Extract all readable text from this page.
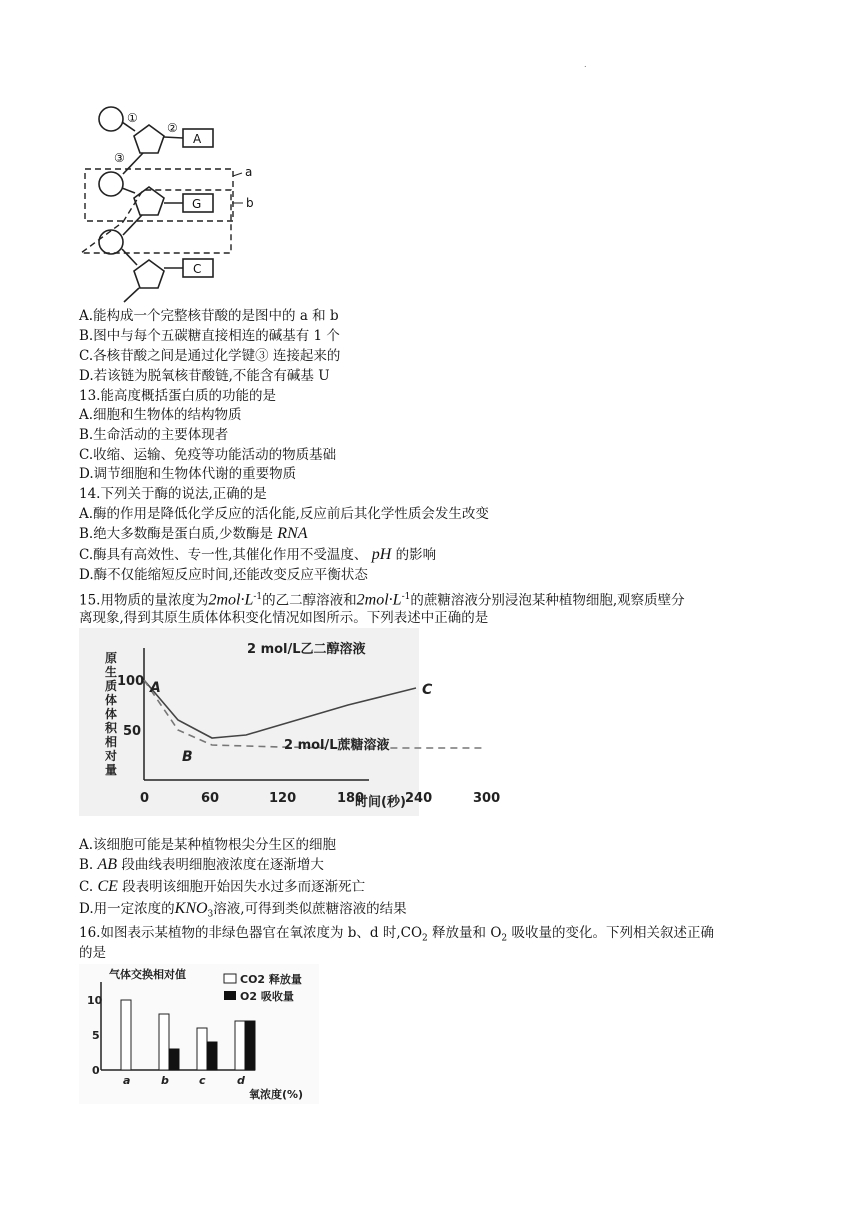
.
①
②
③
A
G
C
a
b
A.能构成一个完整核苷酸的是图中的 a 和 b
B.图中与每个五碳糖直接相连的碱基有 1 个
C.各核苷酸之间是通过化学键③ 连接起来的
D.若该链为脱氧核苷酸链,不能含有碱基 U
13.能高度概括蛋白质的功能的是
A.细胞和生物体的结构物质
B.生命活动的主要体现者
C.收缩、运输、免疫等功能活动的物质基础
D.调节细胞和生物体代谢的重要物质
14.下列关于酶的说法,正确的是
A.酶的作用是降低化学反应的活化能,反应前后其化学性质会发生改变
B.绝大多数酶是蛋白质,少数酶是 RNA
C.酶具有高效性、专一性,其催化作用不受温度、 pH 的影响
D.酶不仅能缩短反应时间,还能改变反应平衡状态
15.用物质的量浓度为$2mol\cdot L^{-1}$的乙二醇溶液和$2mol\cdot L^{-1}$的蔗糖溶液分别浸泡某种植物细胞,观察质壁分
离现象,得到其原生质体体积变化情况如图所示。下列表述中正确的是
原生质体体积相对量
0	60	120	180	240	300
50
100 A
B
C
2 mol/L乙二醇溶液
2 mol/L蔗糖溶液
时间(秒)
A.该细胞可能是某种植物根尖分生区的细胞
B. AB 段曲线表明细胞液浓度在逐渐增大
C. CE 段表明该细胞开始因失水过多而逐渐死亡
D.用一定浓度的$KNO_3$溶液,可得到类似蔗糖溶液的结果
16.如图表示某植物的非绿色器官在氧浓度为 b、d 时$,CO_2$ 释放量和 $O_2$ 吸收量的变化。下列相关叙述正确
的是
气体交换相对值
氧浓度(%)
CO2 释放量
O2 吸收量
0
5
10
a	b	c	d
